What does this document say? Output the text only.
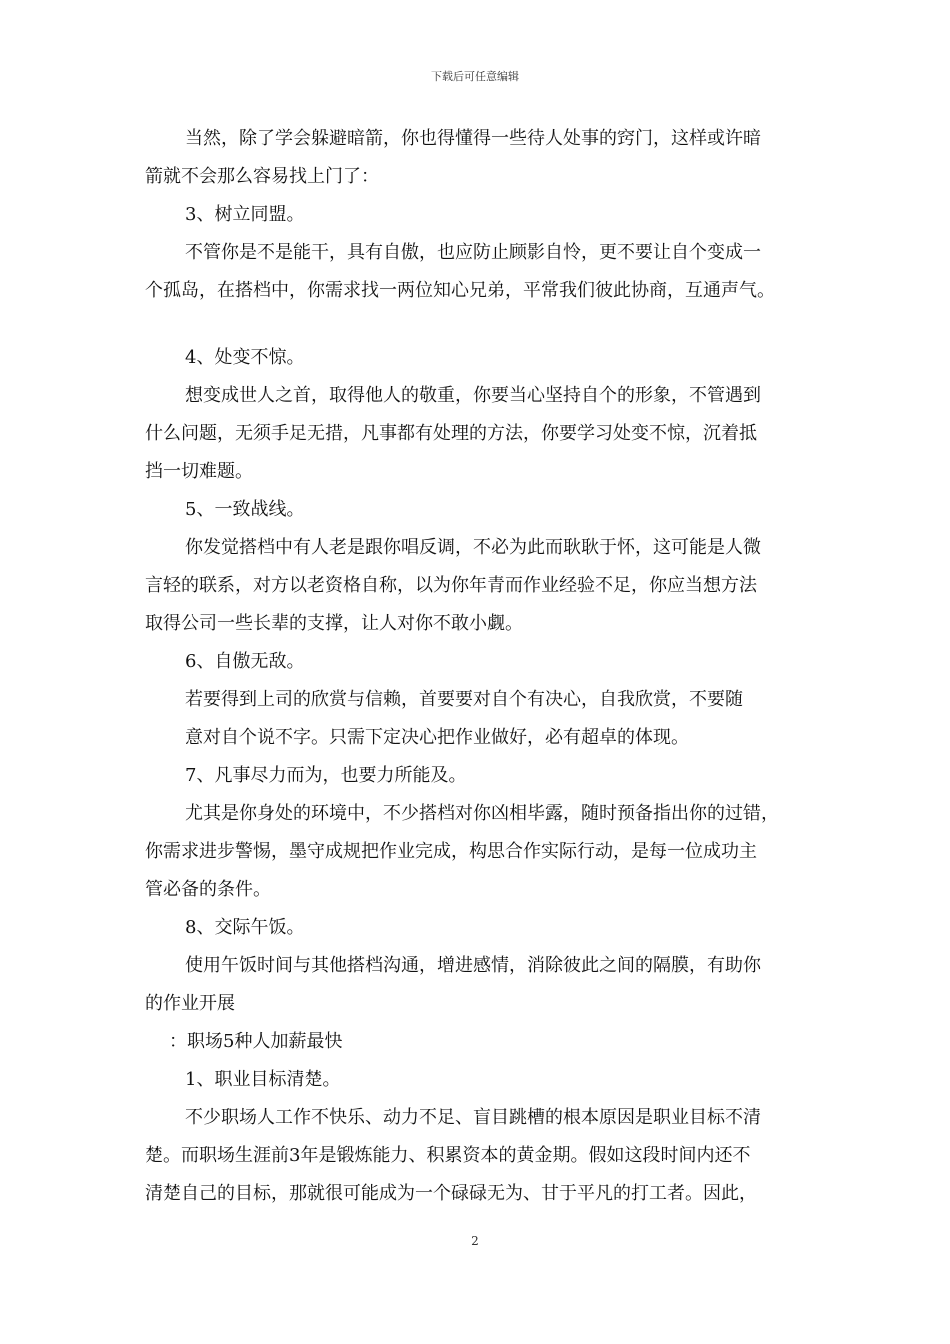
下载后可任意编辑
当然，除了学会躲避暗箭，你也得懂得一些待人处事的窍门，这样或许暗
箭就不会那么容易找上门了：
3、树立同盟。
不管你是不是能干，具有自傲，也应防止顾影自怜，更不要让自个变成一
个孤岛，在搭档中，你需求找一两位知心兄弟，平常我们彼此协商，互通声气。
4、处变不惊。
想变成世人之首，取得他人的敬重，你要当心坚持自个的形象，不管遇到
什么问题，无须手足无措，凡事都有处理的方法，你要学习处变不惊，沉着抵
挡一切难题。
5、一致战线。
你发觉搭档中有人老是跟你唱反调，不必为此而耿耿于怀，这可能是人微
言轻的联系，对方以老资格自称，以为你年青而作业经验不足，你应当想方法
取得公司一些长辈的支撑，让人对你不敢小觑。
6、自傲无敌。
若要得到上司的欣赏与信赖，首要要对自个有决心，自我欣赏，不要随
意对自个说不字。只需下定决心把作业做好，必有超卓的体现。
7、凡事尽力而为，也要力所能及。
尤其是你身处的环境中，不少搭档对你凶相毕露，随时预备指出你的过错，
你需求进步警惕，墨守成规把作业完成，构思合作实际行动，是每一位成功主
管必备的条件。
8、交际午饭。
使用午饭时间与其他搭档沟通，增进感情，消除彼此之间的隔膜，有助你
的作业开展
：职场5种人加薪最快
1、职业目标清楚。
不少职场人工作不快乐、动力不足、盲目跳槽的根本原因是职业目标不清
楚。而职场生涯前3年是锻炼能力、积累资本的黄金期。假如这段时间内还不
清楚自己的目标，那就很可能成为一个碌碌无为、甘于平凡的打工者。因此，
2
